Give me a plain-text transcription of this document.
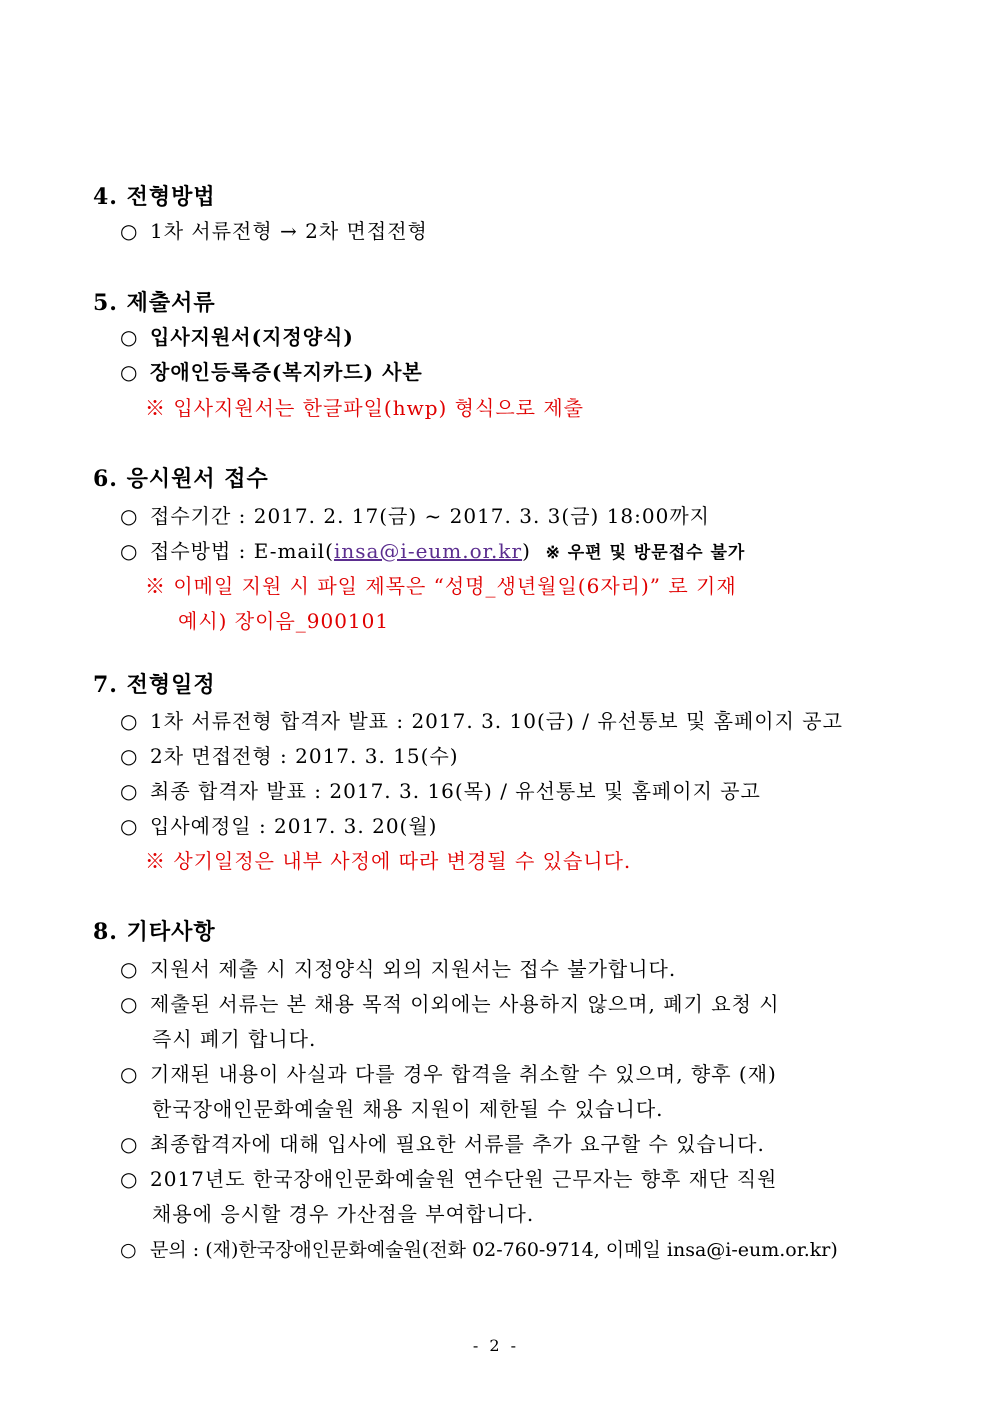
4. 전형방법
○ 1차 서류전형 → 2차 면접전형
5. 제출서류
○ 입사지원서(지정양식)
○ 장애인등록증(복지카드) 사본
※ 입사지원서는 한글파일(hwp) 형식으로 제출
6. 응시원서 접수
○ 접수기간 : 2017. 2. 17(금) ~ 2017. 3. 3(금) 18:00까지
○ 접수방법 : E-mail(insa@i-eum.or.kr) ※ 우편 및 방문접수 불가
※ 이메일 지원 시 파일 제목은 “성명_생년월일(6자리)” 로 기재
예시) 장이음_900101
7. 전형일정
○ 1차 서류전형 합격자 발표 : 2017. 3. 10(금) / 유선통보 및 홈페이지 공고
○ 2차 면접전형 : 2017. 3. 15(수)
○ 최종 합격자 발표 : 2017. 3. 16(목) / 유선통보 및 홈페이지 공고
○ 입사예정일 : 2017. 3. 20(월)
※ 상기일정은 내부 사정에 따라 변경될 수 있습니다.
8. 기타사항
○ 지원서 제출 시 지정양식 외의 지원서는 접수 불가합니다.
○ 제출된 서류는 본 채용 목적 이외에는 사용하지 않으며, 폐기 요청 시
즉시 폐기 합니다.
○ 기재된 내용이 사실과 다를 경우 합격을 취소할 수 있으며, 향후 (재)
한국장애인문화예술원 채용 지원이 제한될 수 있습니다.
○ 최종합격자에 대해 입사에 필요한 서류를 추가 요구할 수 있습니다.
○ 2017년도 한국장애인문화예술원 연수단원 근무자는 향후 재단 직원
채용에 응시할 경우 가산점을 부여합니다.
○ 문의 : (재)한국장애인문화예술원(전화 02-760-9714, 이메일 insa@i-eum.or.kr)
- 2 -
